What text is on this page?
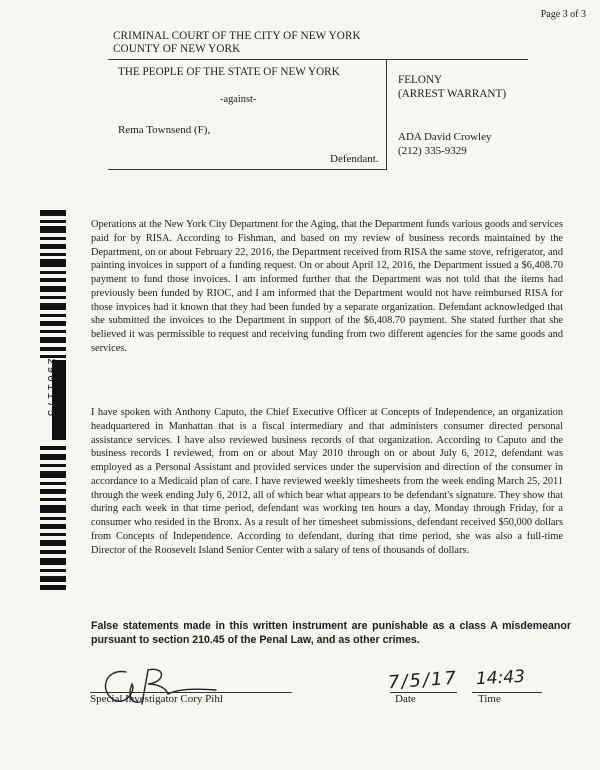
Page 3 of 3
CRIMINAL COURT OF THE CITY OF NEW YORK
COUNTY OF NEW YORK
THE PEOPLE OF THE STATE OF NEW YORK
-against-
Rema Townsend (F),
Defendant.
FELONY
(ARREST WARRANT)
ADA David Crowley
(212) 335-9329
2901175

Operations at the New York City Department for the Aging, that the Department funds various goods and services paid for by RISA. According to Fishman, and based on my review of business records maintained by the Department, on or about February 22, 2016, the Department received from RISA the same stove, refrigerator, and painting invoices in support of a funding request. On or about April 12, 2016, the Department issued a $6,408.70 payment to fund those invoices. I am informed further that the Department was not told that the items had previously been funded by RIOC, and I am informed that the Department would not have reimbursed RISA for those invoices had it known that they had been funded by a separate organization. Defendant acknowledged that she submitted the invoices to the Department in support of the $6,408.70 payment. She stated further that she believed it was permissible to request and receiving funding from two different agencies for the same goods and services.

I have spoken with Anthony Caputo, the Chief Executive Officer at Concepts of Independence, an organization headquartered in Manhattan that is a fiscal intermediary and that administers consumer directed personal assistance services. I have also reviewed business records of that organization. According to Caputo and the business records I reviewed, from on or about May 2010 through on or about July 6, 2012, defendant was employed as a Personal Assistant and provided services under the supervision and direction of the consumer in accordance to a Medicaid plan of care. I have reviewed weekly timesheets from the week ending March 25, 2011 through the week ending July 6, 2012, all of which bear what appears to be defendant's signature. They show that during each week in that time period, defendant was working ten hours a day, Monday through Friday, for a consumer who resided in the Bronx. As a result of her timesheet submissions, defendant received $50,000 dollars from Concepts of Independence. According to defendant, during that time period, she was also a full-time Director of the Roosevelt Island Senior Center with a salary of tens of thousands of dollars.

False statements made in this written instrument are punishable as a class A misdemeanor pursuant to section 210.45 of the Penal Law, and as other crimes.
7/5/17 14:43
Special Investigator Cory Pihl	Date	Time
